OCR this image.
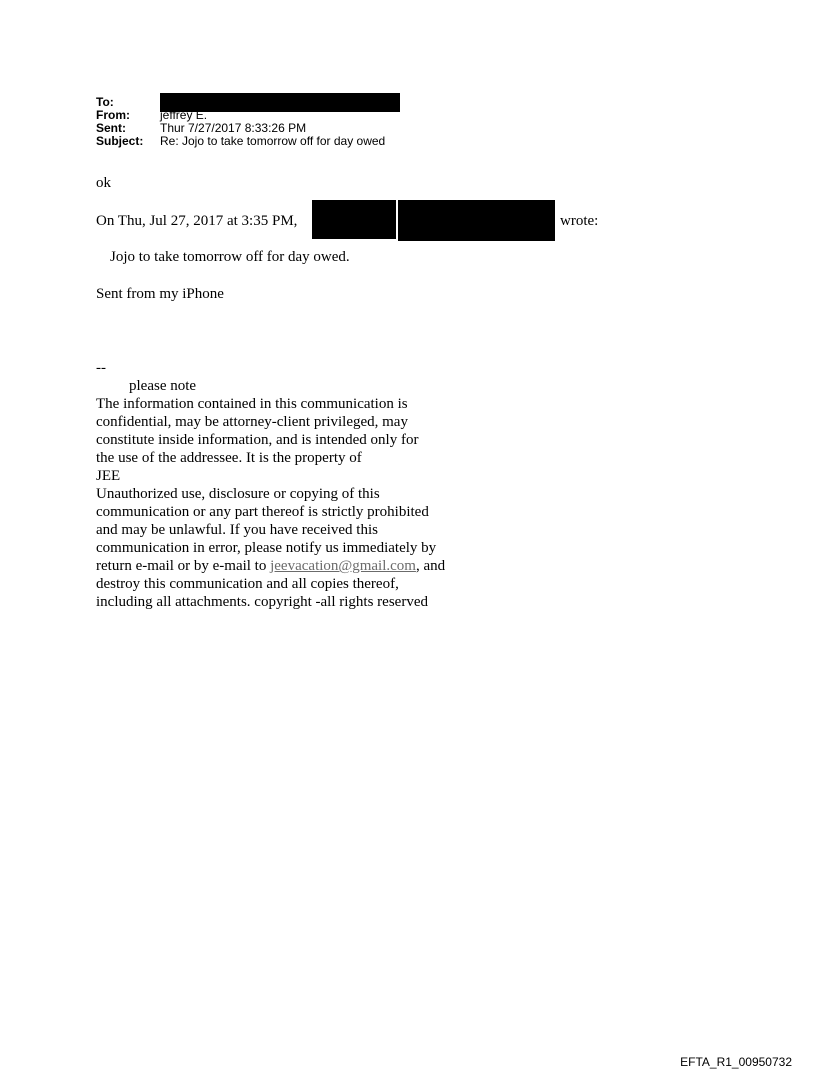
To:
From:	jeffrey E.
Sent:	Thur 7/27/2017 8:33:26 PM
Subject:	Re: Jojo to take tomorrow off for day owed
ok
On Thu, Jul 27, 2017 at 3:35 PM,	wrote:
Jojo to take tomorrow off for day owed.
Sent from my iPhone
--
please note
The information contained in this communication is
confidential, may be attorney-client privileged, may
constitute inside information, and is intended only for
the use of the addressee. It is the property of
JEE
Unauthorized use, disclosure or copying of this
communication or any part thereof is strictly prohibited
and may be unlawful. If you have received this
communication in error, please notify us immediately by
return e-mail or by e-mail to jeevacation@gmail.com, and
destroy this communication and all copies thereof,
including all attachments. copyright -all rights reserved
EFTA_R1_00950732
